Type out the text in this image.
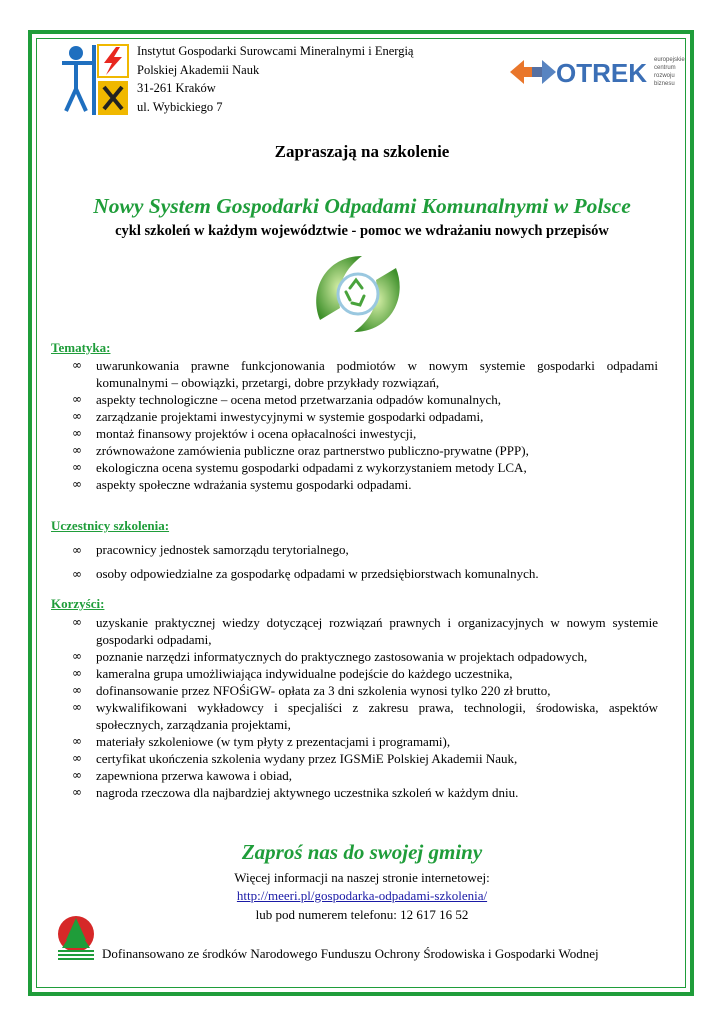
Instytut Gospodarki Surowcami Mineralnymi i Energią
Polskiej Akademii Nauk
31-261 Kraków
ul. Wybickiego 7
OTREK europejskie
centrum
rozwoju
biznesu
Zapraszają na szkolenie
Nowy System Gospodarki Odpadami Komunalnymi w Polsce
cykl szkoleń w każdym województwie - pomoc we wdrażaniu nowych przepisów
Tematyka:
∞ uwarunkowania prawne funkcjonowania podmiotów w nowym systemie gospodarki odpadami komunalnymi – obowiązki, przetargi, dobre przykłady rozwiązań,
∞ aspekty technologiczne – ocena metod przetwarzania odpadów komunalnych,
∞ zarządzanie projektami inwestycyjnymi w systemie gospodarki odpadami,
∞ montaż finansowy projektów i ocena opłacalności inwestycji,
∞ zrównoważone zamówienia publiczne oraz partnerstwo publiczno-prywatne (PPP),
∞ ekologiczna ocena systemu gospodarki odpadami z wykorzystaniem metody LCA,
∞ aspekty społeczne wdrażania systemu gospodarki odpadami.
Uczestnicy szkolenia:
∞ pracownicy jednostek samorządu terytorialnego,
∞ osoby odpowiedzialne za gospodarkę odpadami w przedsiębiorstwach komunalnych.
Korzyści:
∞ uzyskanie praktycznej wiedzy dotyczącej rozwiązań prawnych i organizacyjnych w nowym systemie gospodarki odpadami,
∞ poznanie narzędzi informatycznych do praktycznego zastosowania w projektach odpadowych,
∞ kameralna grupa umożliwiająca indywidualne podejście do każdego uczestnika,
∞ dofinansowanie przez NFOŚiGW- opłata za 3 dni szkolenia wynosi tylko 220 zł brutto,
∞ wykwalifikowani wykładowcy i specjaliści z zakresu prawa, technologii, środowiska, aspektów społecznych, zarządzania projektami,
∞ materiały szkoleniowe (w tym płyty z prezentacjami i programami),
∞ certyfikat ukończenia szkolenia wydany przez IGSMiE Polskiej Akademii Nauk,
∞ zapewniona przerwa kawowa i obiad,
∞ nagroda rzeczowa dla najbardziej aktywnego uczestnika szkoleń w każdym dniu.
Zaproś nas do swojej gminy
Więcej informacji na naszej stronie internetowej:
http://meeri.pl/gospodarka-odpadami-szkolenia/
lub pod numerem telefonu: 12 617 16 52
Dofinansowano ze środków Narodowego Funduszu Ochrony Środowiska i Gospodarki Wodnej
